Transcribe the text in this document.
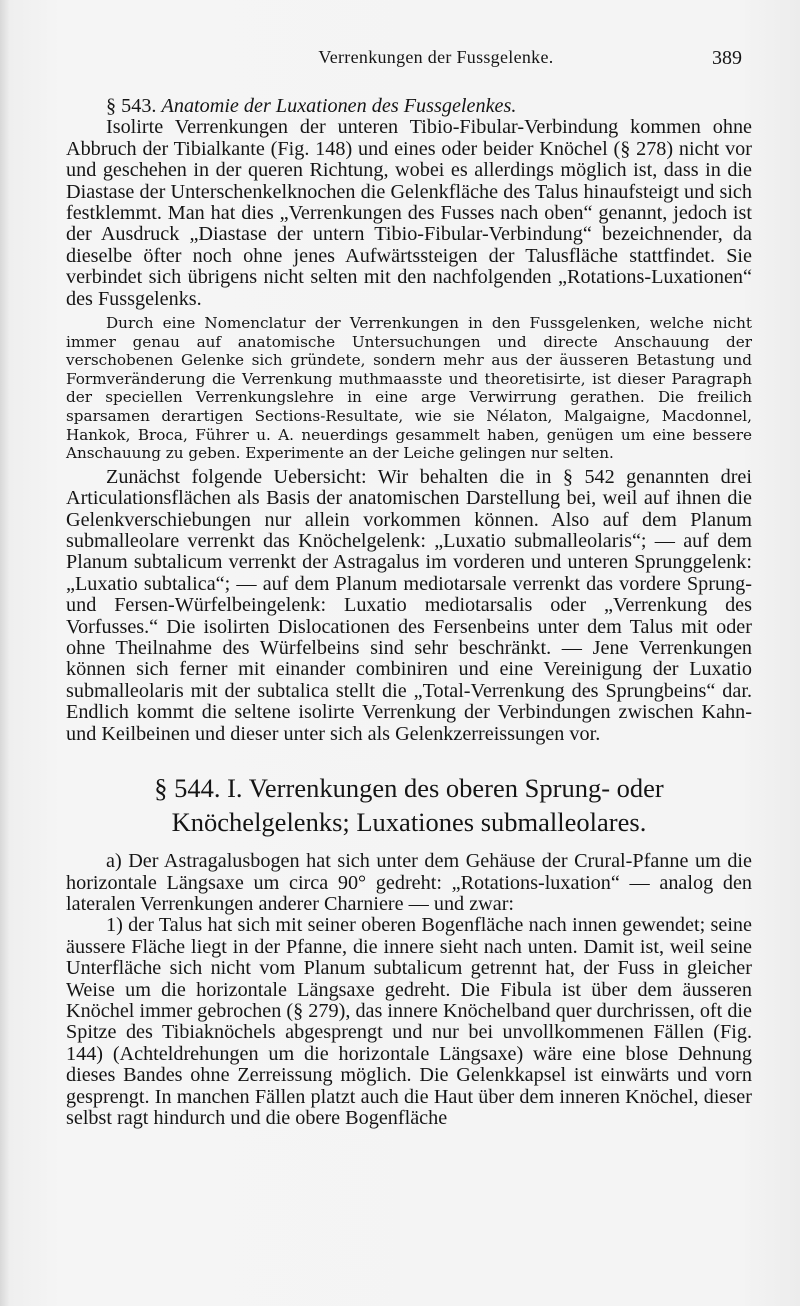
Verrenkungen der Fussgelenke.	389

§ 543. Anatomie der Luxationen des Fussgelenkes.

Isolirte Verrenkungen der unteren Tibio-Fibular-Verbindung kommen ohne Abbruch der Tibialkante (Fig. 148) und eines oder beider Knöchel (§ 278) nicht vor und geschehen in der queren Richtung, wobei es allerdings möglich ist, dass in die Diastase der Unterschenkelknochen die Gelenkfläche des Talus hinaufsteigt und sich festklemmt. Man hat dies „Verrenkungen des Fusses nach oben“ genannt, jedoch ist der Ausdruck „Diastase der untern Tibio-Fibular-Verbindung“ bezeichnender, da dieselbe öfter noch ohne jenes Aufwärtssteigen der Talusfläche stattfindet. Sie verbindet sich übrigens nicht selten mit den nachfolgenden „Rotations-Luxationen“ des Fussgelenks.

Durch eine Nomenclatur der Verrenkungen in den Fussgelenken, welche nicht immer genau auf anatomische Untersuchungen und directe Anschauung der verschobenen Gelenke sich gründete, sondern mehr aus der äusseren Betastung und Formveränderung die Verrenkung muthmaasste und theoretisirte, ist dieser Paragraph der speciellen Verrenkungslehre in eine arge Verwirrung gerathen. Die freilich sparsamen derartigen Sections-Resultate, wie sie Nélaton, Malgaigne, Macdonnel, Hankok, Broca, Führer u. A. neuerdings gesammelt haben, genügen um eine bessere Anschauung zu geben. Experimente an der Leiche gelingen nur selten.

Zunächst folgende Uebersicht: Wir behalten die in § 542 genannten drei Articulationsflächen als Basis der anatomischen Darstellung bei, weil auf ihnen die Gelenkverschiebungen nur allein vorkommen können. Also auf dem Planum submalleolare verrenkt das Knöchelgelenk: „Luxatio submalleolaris“; — auf dem Planum subtalicum verrenkt der Astragalus im vorderen und unteren Sprunggelenk: „Luxatio subtalica“; — auf dem Planum mediotarsale verrenkt das vordere Sprung- und Fersen-Würfelbeingelenk: Luxatio mediotarsalis oder „Verrenkung des Vorfusses.“ Die isolirten Dislocationen des Fersenbeins unter dem Talus mit oder ohne Theilnahme des Würfelbeins sind sehr beschränkt. — Jene Verrenkungen können sich ferner mit einander combiniren und eine Vereinigung der Luxatio submalleolaris mit der subtalica stellt die „Total-Verrenkung des Sprungbeins“ dar. Endlich kommt die seltene isolirte Verrenkung der Verbindungen zwischen Kahn- und Keilbeinen und dieser unter sich als Gelenkzerreissungen vor.

§ 544. I. Verrenkungen des oberen Sprung- oder
Knöchelgelenks; Luxationes submalleolares.

a) Der Astragalusbogen hat sich unter dem Gehäuse der Crural-Pfanne um die horizontale Längsaxe um circa 90° gedreht: „Rotations-luxation“ — analog den lateralen Verrenkungen anderer Charniere — und zwar:

1) der Talus hat sich mit seiner oberen Bogenfläche nach innen gewendet; seine äussere Fläche liegt in der Pfanne, die innere sieht nach unten. Damit ist, weil seine Unterfläche sich nicht vom Planum subtalicum getrennt hat, der Fuss in gleicher Weise um die horizontale Längsaxe gedreht. Die Fibula ist über dem äusseren Knöchel immer gebrochen (§ 279), das innere Knöchelband quer durchrissen, oft die Spitze des Tibiaknöchels abgesprengt und nur bei unvollkommenen Fällen (Fig. 144) (Achteldrehungen um die horizontale Längsaxe) wäre eine blose Dehnung dieses Bandes ohne Zerreissung möglich. Die Gelenkkapsel ist einwärts und vorn gesprengt. In manchen Fällen platzt auch die Haut über dem inneren Knöchel, dieser selbst ragt hindurch und die obere Bogenfläche
